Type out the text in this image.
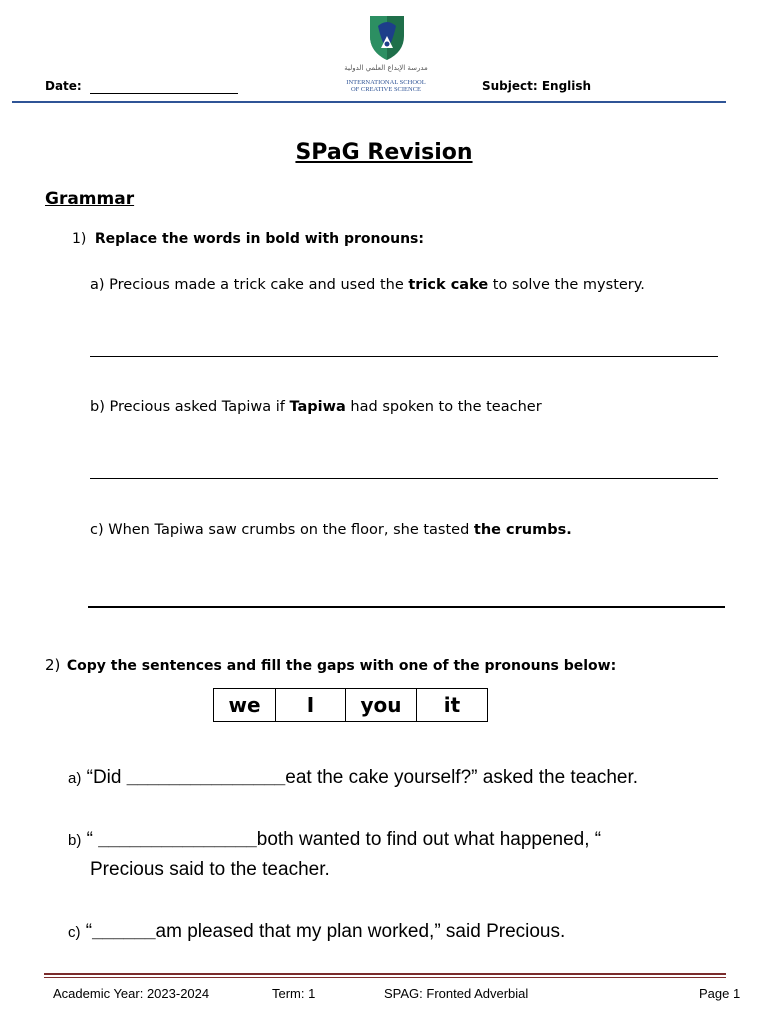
مدرسة الإبداع العلمي الدولية
INTERNATIONAL SCHOOL
OF CREATIVE SCIENCE
Date:	Subject: English
SPaG Revision
Grammar
1) Replace the words in bold with pronouns:
a) Precious made a trick cake and used the trick cake to solve the mystery.
b) Precious asked Tapiwa if Tapiwa had spoken to the teacher
c) When Tapiwa saw crumbs on the floor, she tasted the crumbs.
2) Copy the sentences and fill the gaps with one of the pronouns below:
we	I	you	it
a) “Did _______________eat the cake yourself?” asked the teacher.
b) “ _______________both wanted to find out what happened, “
Precious said to the teacher.
c) “______am pleased that my plan worked,” said Precious.
Academic Year: 2023-2024	Term: 1	SPAG: Fronted Adverbial	Page 1
